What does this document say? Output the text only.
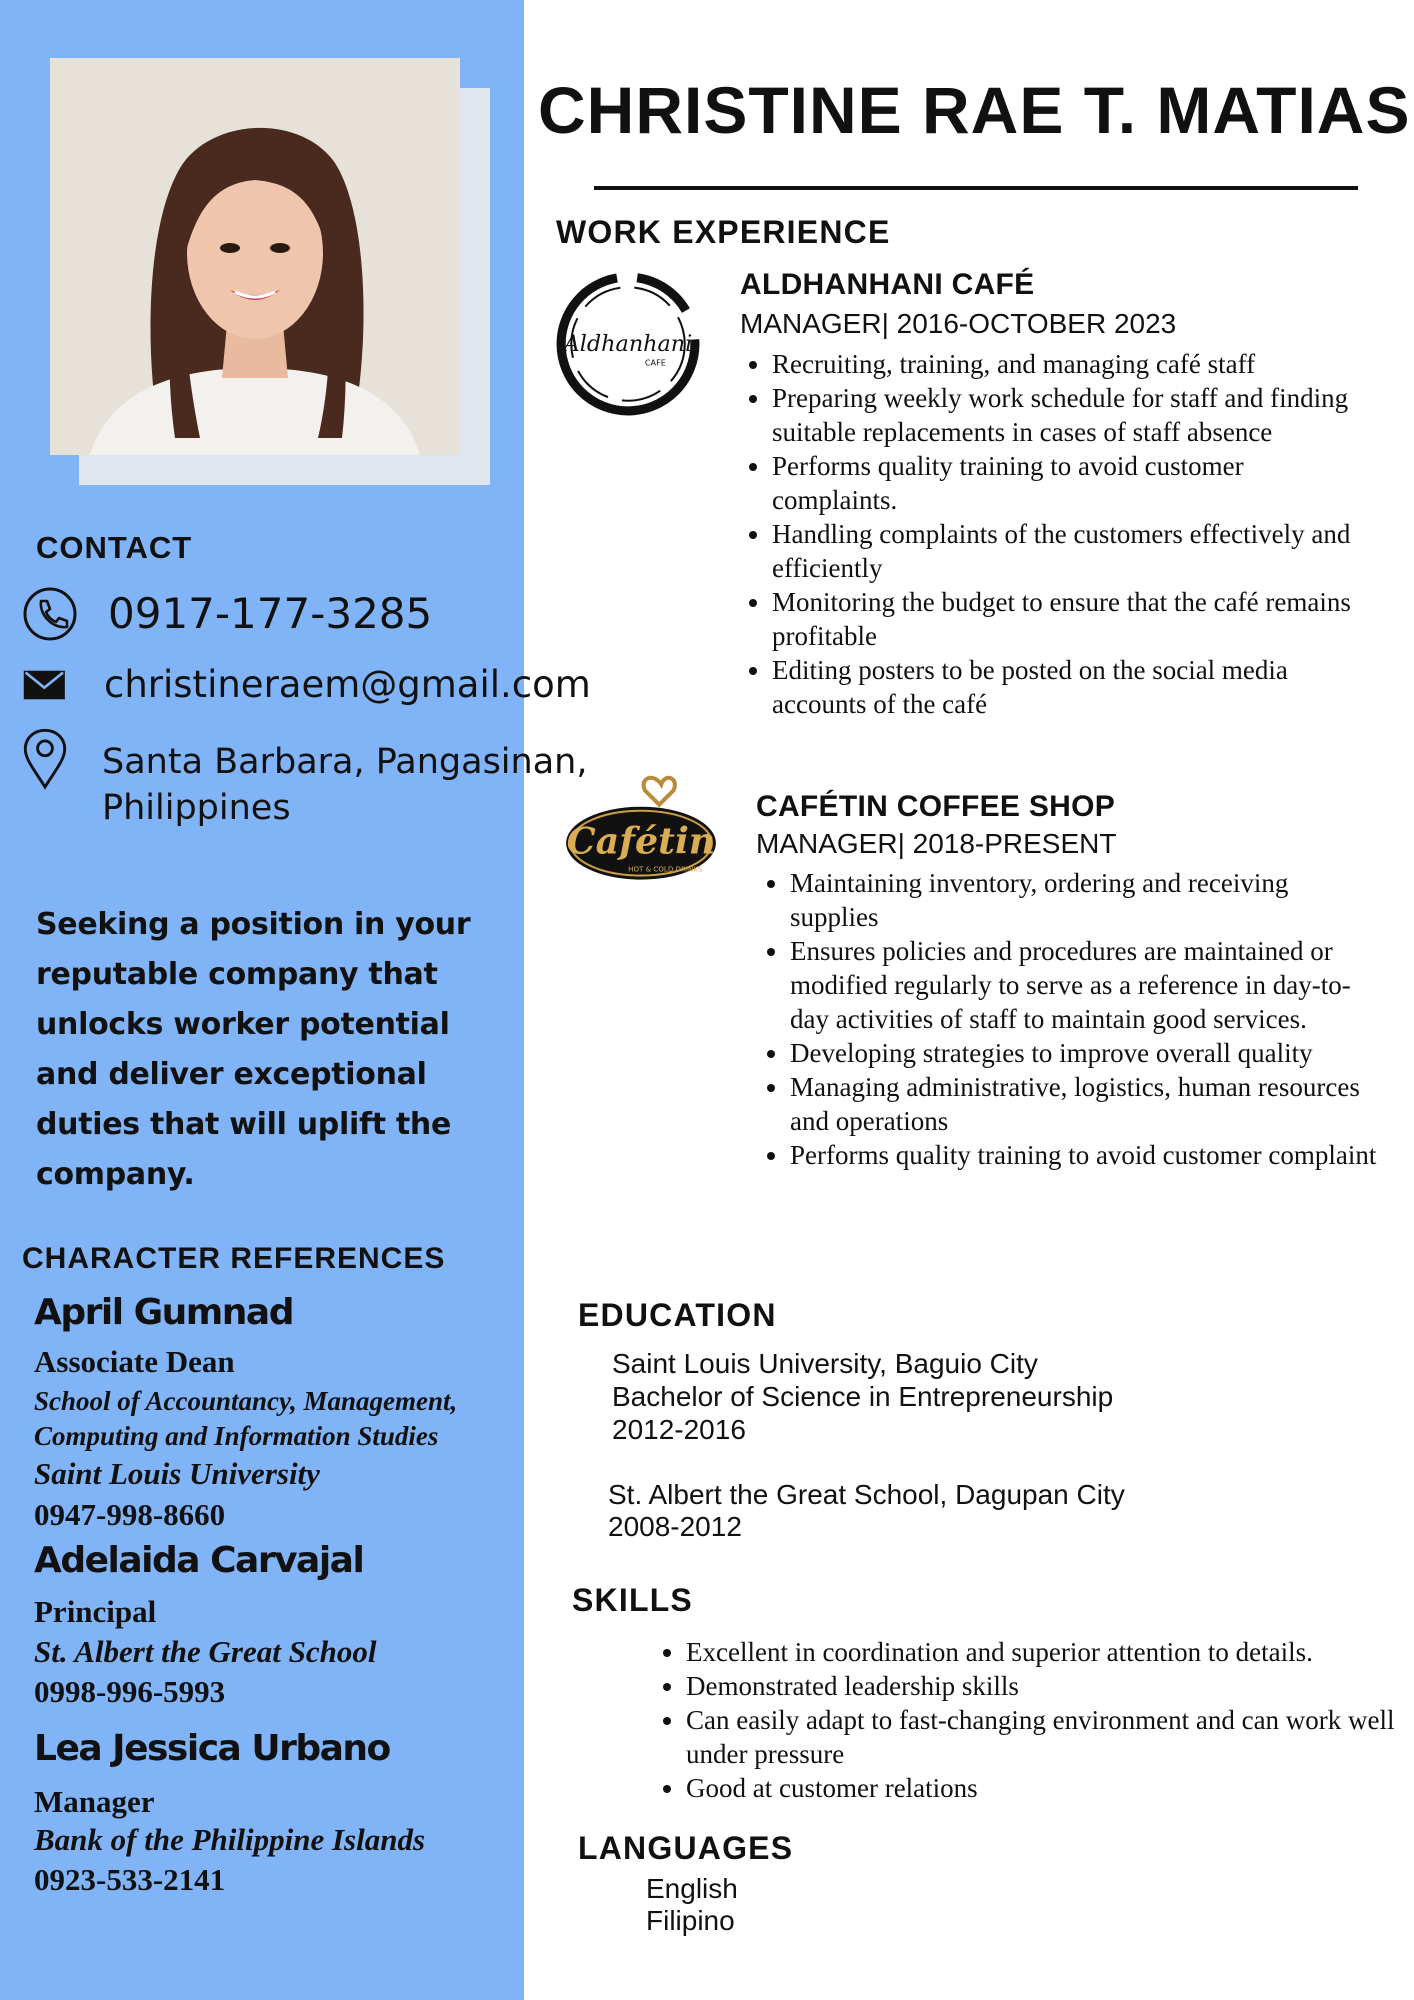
CONTACT
0917-177-3285
christineraem@gmail.com
Santa Barbara, Pangasinan,
Philippines
Seeking a position in your reputable company that unlocks worker potential and deliver exceptional duties that will uplift the company.
CHARACTER REFERENCES
April Gumnad
Associate Dean
School of Accountancy, Management,
Computing and Information Studies
Saint Louis University
0947-998-8660
Adelaida Carvajal
Principal
St. Albert the Great School
0998-996-5993
Lea Jessica Urbano
Manager
Bank of the Philippine Islands
0923-533-2141
CHRISTINE RAE T. MATIAS
WORK EXPERIENCE
Aldhanhani
CAFE
ALDHANHANI CAFÉ
MANAGER| 2016-OCTOBER 2023
• Recruiting, training, and managing café staff
• Preparing weekly work schedule for staff and finding suitable replacements in cases of staff absence
• Performs quality training to avoid customer complaints.
• Handling complaints of the customers effectively and efficiently
• Monitoring the budget to ensure that the café remains profitable
• Editing posters to be posted on the social media accounts of the café
Cafétin
HOT & COLD DRINKS
CAFÉTIN COFFEE SHOP
MANAGER| 2018-PRESENT
• Maintaining inventory, ordering and receiving supplies
• Ensures policies and procedures are maintained or modified regularly to serve as a reference in day-to-day activities of staff to maintain good services.
• Developing strategies to improve overall quality
• Managing administrative, logistics, human resources and operations
• Performs quality training to avoid customer complaint
EDUCATION
Saint Louis University, Baguio City
Bachelor of Science in Entrepreneurship
2012-2016
St. Albert the Great School, Dagupan City
2008-2012
SKILLS
• Excellent in coordination and superior attention to details.
• Demonstrated leadership skills
• Can easily adapt to fast-changing environment and can work well under pressure
• Good at customer relations
LANGUAGES
English
Filipino
